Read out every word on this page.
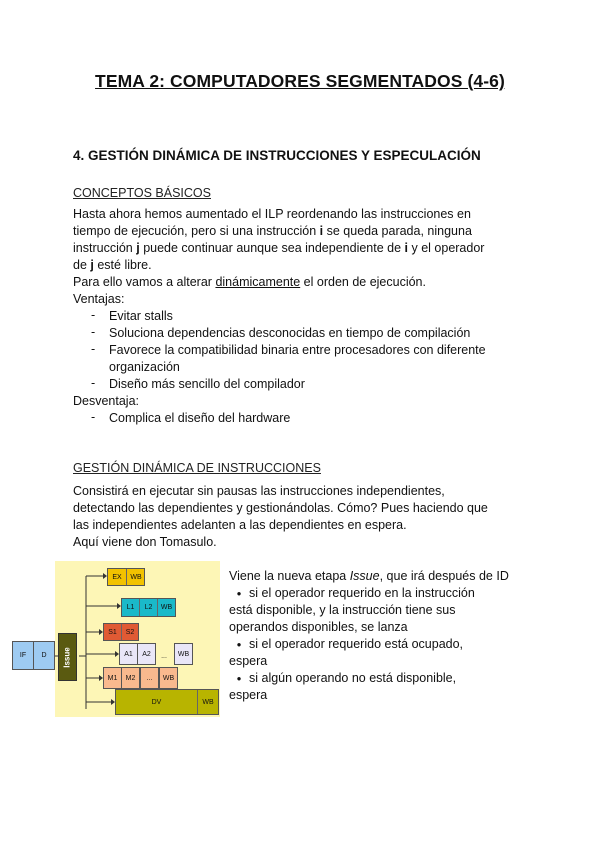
TEMA 2: COMPUTADORES SEGMENTADOS (4-6)
4. GESTIÓN DINÁMICA DE INSTRUCCIONES Y ESPECULACIÓN
CONCEPTOS BÁSICOS
Hasta ahora hemos aumentado el ILP reordenando las instrucciones en
tiempo de ejecución, pero si una instrucción i se queda parada, ninguna
instrucción j puede continuar aunque sea independiente de i y el operador
de j esté libre.
Para ello vamos a alterar dinámicamente el orden de ejecución.
Ventajas:
- Evitar stalls
- Soluciona dependencias desconocidas en tiempo de compilación
- Favorece la compatibilidad binaria entre procesadores con diferente
organización
- Diseño más sencillo del compilador
Desventaja:
- Complica el diseño del hardware
GESTIÓN DINÁMICA DE INSTRUCCIONES
Consistirá en ejecutar sin pausas las instrucciones independientes,
detectando las dependientes y gestionándolas. Cómo? Pues haciendo que
las independientes adelanten a las dependientes en espera.
Aquí viene don Tomasulo.
IF	D	Issue
EX	WB
L1	L2	WB
S1	S2
A1	A2	...	WB
M1	M2	...	WB
DV	WB
Viene la nueva etapa Issue, que irá después de ID
● si el operador requerido en la instrucción
está disponible, y la instrucción tiene sus
operandos disponibles, se lanza
● si el operador requerido está ocupado,
espera
● si algún operando no está disponible,
espera
